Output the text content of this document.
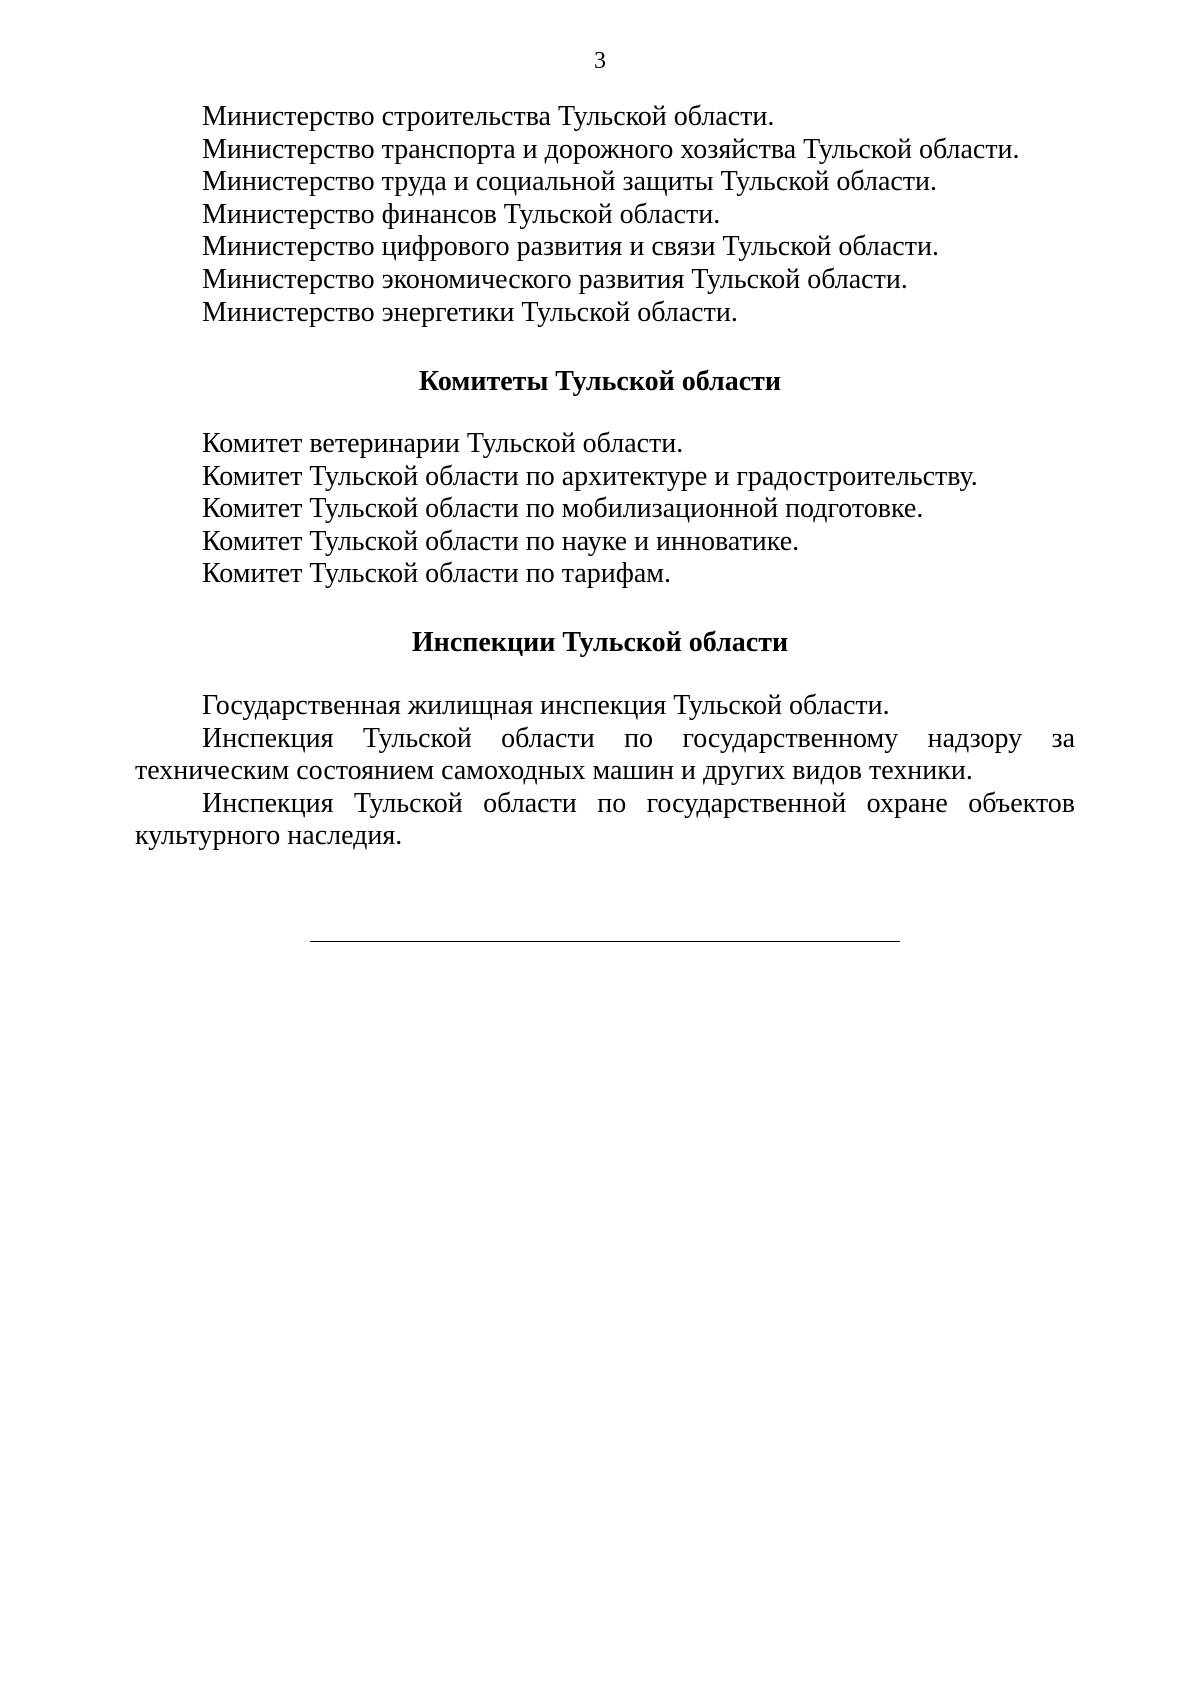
3
Министерство строительства Тульской области.
Министерство транспорта и дорожного хозяйства Тульской области.
Министерство труда и социальной защиты Тульской области.
Министерство финансов Тульской области.
Министерство цифрового развития и связи Тульской области.
Министерство экономического развития Тульской области.
Министерство энергетики Тульской области.
Комитеты Тульской области
Комитет ветеринарии Тульской области.
Комитет Тульской области по архитектуре и градостроительству.
Комитет Тульской области по мобилизационной подготовке.
Комитет Тульской области по науке и инноватике.
Комитет Тульской области по тарифам.
Инспекции Тульской области
Государственная жилищная инспекция Тульской области.
Инспекция Тульской области по государственному надзору за техническим состоянием самоходных машин и других видов техники.
Инспекция Тульской области по государственной охране объектов культурного наследия.
